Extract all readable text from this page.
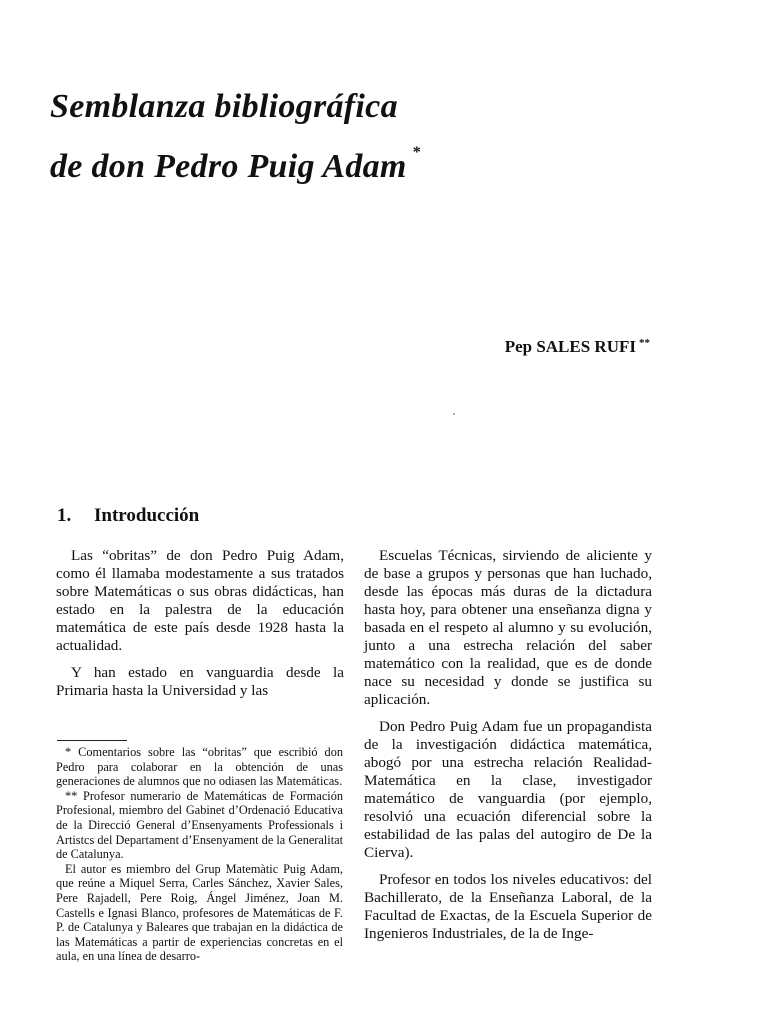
Semblanza bibliográfica
de don Pedro Puig Adam *
Pep SALES RUFI **
1. Introducción

Las “obritas” de don Pedro Puig Adam, como él llamaba modestamente a sus tratados sobre Matemáticas o sus obras didácticas, han estado en la palestra de la educación matemática de este país desde 1928 hasta la actualidad.

Y han estado en vanguardia desde la Primaria hasta la Universidad y las

* Comentarios sobre las “obritas” que escribió don Pedro para colaborar en la obtención de unas generaciones de alumnos que no odiasen las Matemáticas.

** Profesor numerario de Matemáticas de Formación Profesional, miembro del Gabinet d’Ordenació Educativa de la Direcció General d’Ensenyaments Professionals i Artistcs del Departament d’Ensenyament de la Generalitat de Catalunya.

El autor es miembro del Grup Matemàtic Puig Adam, que reúne a Miquel Serra, Carles Sánchez, Xavier Sales, Pere Rajadell, Pere Roig, Ángel Jiménez, Joan M. Castells e Ignasi Blanco, profesores de Matemáticas de F. P. de Catalunya y Baleares que trabajan en la didáctica de las Matemáticas a partir de experiencias concretas en el aula, en una línea de desarro-

Escuelas Técnicas, sirviendo de aliciente y de base a grupos y personas que han luchado, desde las épocas más duras de la dictadura hasta hoy, para obtener una enseñanza digna y basada en el respeto al alumno y su evolución, junto a una estrecha relación del saber matemático con la realidad, que es de donde nace su necesidad y donde se justifica su aplicación.

Don Pedro Puig Adam fue un propagandista de la investigación didáctica matemática, abogó por una estrecha relación Realidad-Matemática en la clase, investigador matemático de vanguardia (por ejemplo, resolvió una ecuación diferencial sobre la estabilidad de las palas del autogiro de De la Cierva).

Profesor en todos los niveles educativos: del Bachillerato, de la Enseñanza Laboral, de la Facultad de Exactas, de la Escuela Superior de Ingenieros Industriales, de la de Inge-
